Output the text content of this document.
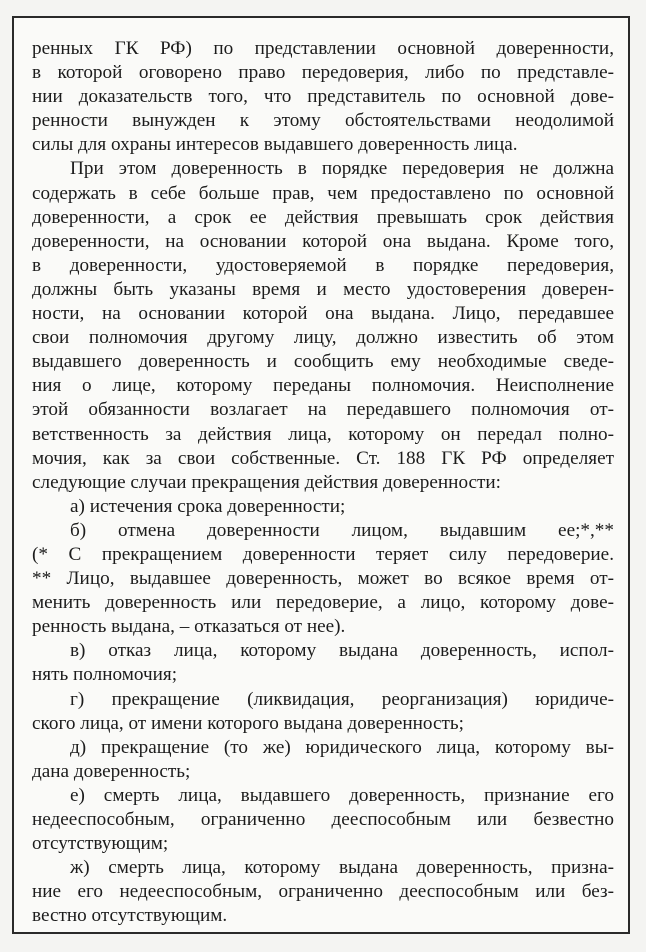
ренных ГК РФ) по представлении основной доверенности,
в которой оговорено право передоверия, либо по представле-
нии доказательств того, что представитель по основной дове-
ренности вынужден к этому обстоятельствами неодолимой
силы для охраны интересов выдавшего доверенность лица.
При этом доверенность в порядке передоверия не должна
содержать в себе больше прав, чем предоставлено по основной
доверенности, а срок ее действия превышать срок действия
доверенности, на основании которой она выдана. Кроме того,
в доверенности, удостоверяемой в порядке передоверия,
должны быть указаны время и место удостоверения доверен-
ности, на основании которой она выдана. Лицо, передавшее
свои полномочия другому лицу, должно известить об этом
выдавшего доверенность и сообщить ему необходимые сведе-
ния о лице, которому переданы полномочия. Неисполнение
этой обязанности возлагает на передавшего полномочия от-
ветственность за действия лица, которому он передал полно-
мочия, как за свои собственные. Ст. 188 ГК РФ определяет
следующие случаи прекращения действия доверенности:
а) истечения срока доверенности;
б) отмена доверенности лицом, выдавшим ее;*,**
(* С прекращением доверенности теряет силу передоверие.
** Лицо, выдавшее доверенность, может во всякое время от-
менить доверенность или передоверие, а лицо, которому дове-
ренность выдана, – отказаться от нее).
в) отказ лица, которому выдана доверенность, испол-
нять полномочия;
г) прекращение (ликвидация, реорганизация) юридиче-
ского лица, от имени которого выдана доверенность;
д) прекращение (то же) юридического лица, которому вы-
дана доверенность;
е) смерть лица, выдавшего доверенность, признание его
недееспособным, ограниченно дееспособным или безвестно
отсутствующим;
ж) смерть лица, которому выдана доверенность, призна-
ние его недееспособным, ограниченно дееспособным или без-
вестно отсутствующим.
